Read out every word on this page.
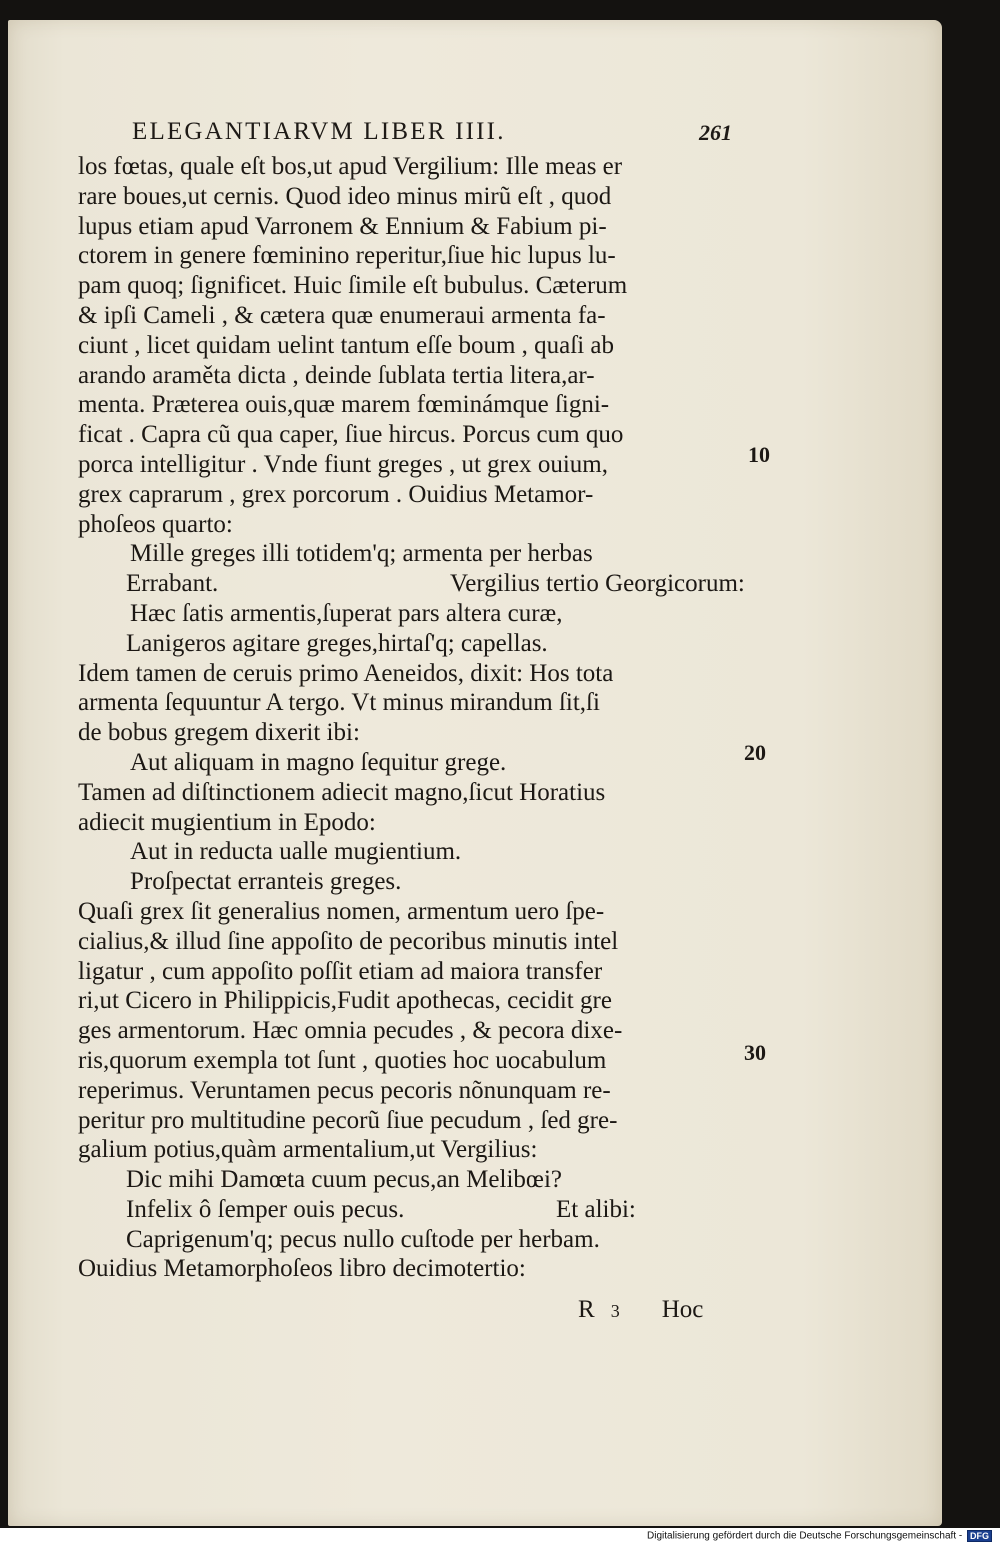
ELEGANTIARVM LIBER IIII.	261
los fœtas, quale eſt bos,ut apud Vergilium: Ille meas er
rare boues,ut cernis. Quod ideo minus mirũ eſt , quod
lupus etiam apud Varronem & Ennium & Fabium pi-
ctorem in genere fœminino reperitur,ſiue hic lupus lu-
pam quoq; ſignificet. Huic ſimile eſt bubulus. Cæterum
& ipſi Cameli , & cætera quæ enumeraui armenta fa-
ciunt , licet quidam uelint tantum eſſe boum , quaſi ab
arando araměta dicta , deinde ſublata tertia litera,ar-
menta. Præterea ouis,quæ marem fœminámque ſigni-
ficat . Capra cũ qua caper, ſiue hircus. Porcus cum quo
porca intelligitur . Vnde fiunt greges , ut grex ouium,
grex caprarum , grex porcorum . Ouidius Metamor-
phoſeos quarto:
Mille greges illi totidem'q; armenta per herbas
Errabant.	Vergilius tertio Georgicorum:
Hæc ſatis armentis,ſuperat pars altera curæ,
Lanigeros agitare greges,hirtaſ'q; capellas.
Idem tamen de ceruis primo Aeneidos, dixit: Hos tota
armenta ſequuntur A tergo. Vt minus mirandum ſit,ſi
de bobus gregem dixerit ibi:
Aut aliquam in magno ſequitur grege.
Tamen ad diſtinctionem adiecit magno,ſicut Horatius
adiecit mugientium in Epodo:
Aut in reducta ualle mugientium.
Proſpectat erranteis greges.
Quaſi grex ſit generalius nomen, armentum uero ſpe-
cialius,& illud ſine appoſito de pecoribus minutis intel
ligatur , cum appoſito poſſit etiam ad maiora transfer
ri,ut Cicero in Philippicis,Fudit apothecas, cecidit gre
ges armentorum. Hæc omnia pecudes , & pecora dixe-
ris,quorum exempla tot ſunt , quoties hoc uocabulum
reperimus. Veruntamen pecus pecoris nõnunquam re-
peritur pro multitudine pecorũ ſiue pecudum , ſed gre-
galium potius,quàm armentalium,ut Vergilius:
Dic mihi Damœta cuum pecus,an Melibœi?
Infelix ô ſemper ouis pecus.	Et alibi:
Caprigenum'q; pecus nullo cuſtode per herbam.
Ouidius Metamorphoſeos libro decimotertio:
10
20
30
R 3 Hoc
Digitalisierung gefördert durch die Deutsche Forschungsgemeinschaft - DFG
